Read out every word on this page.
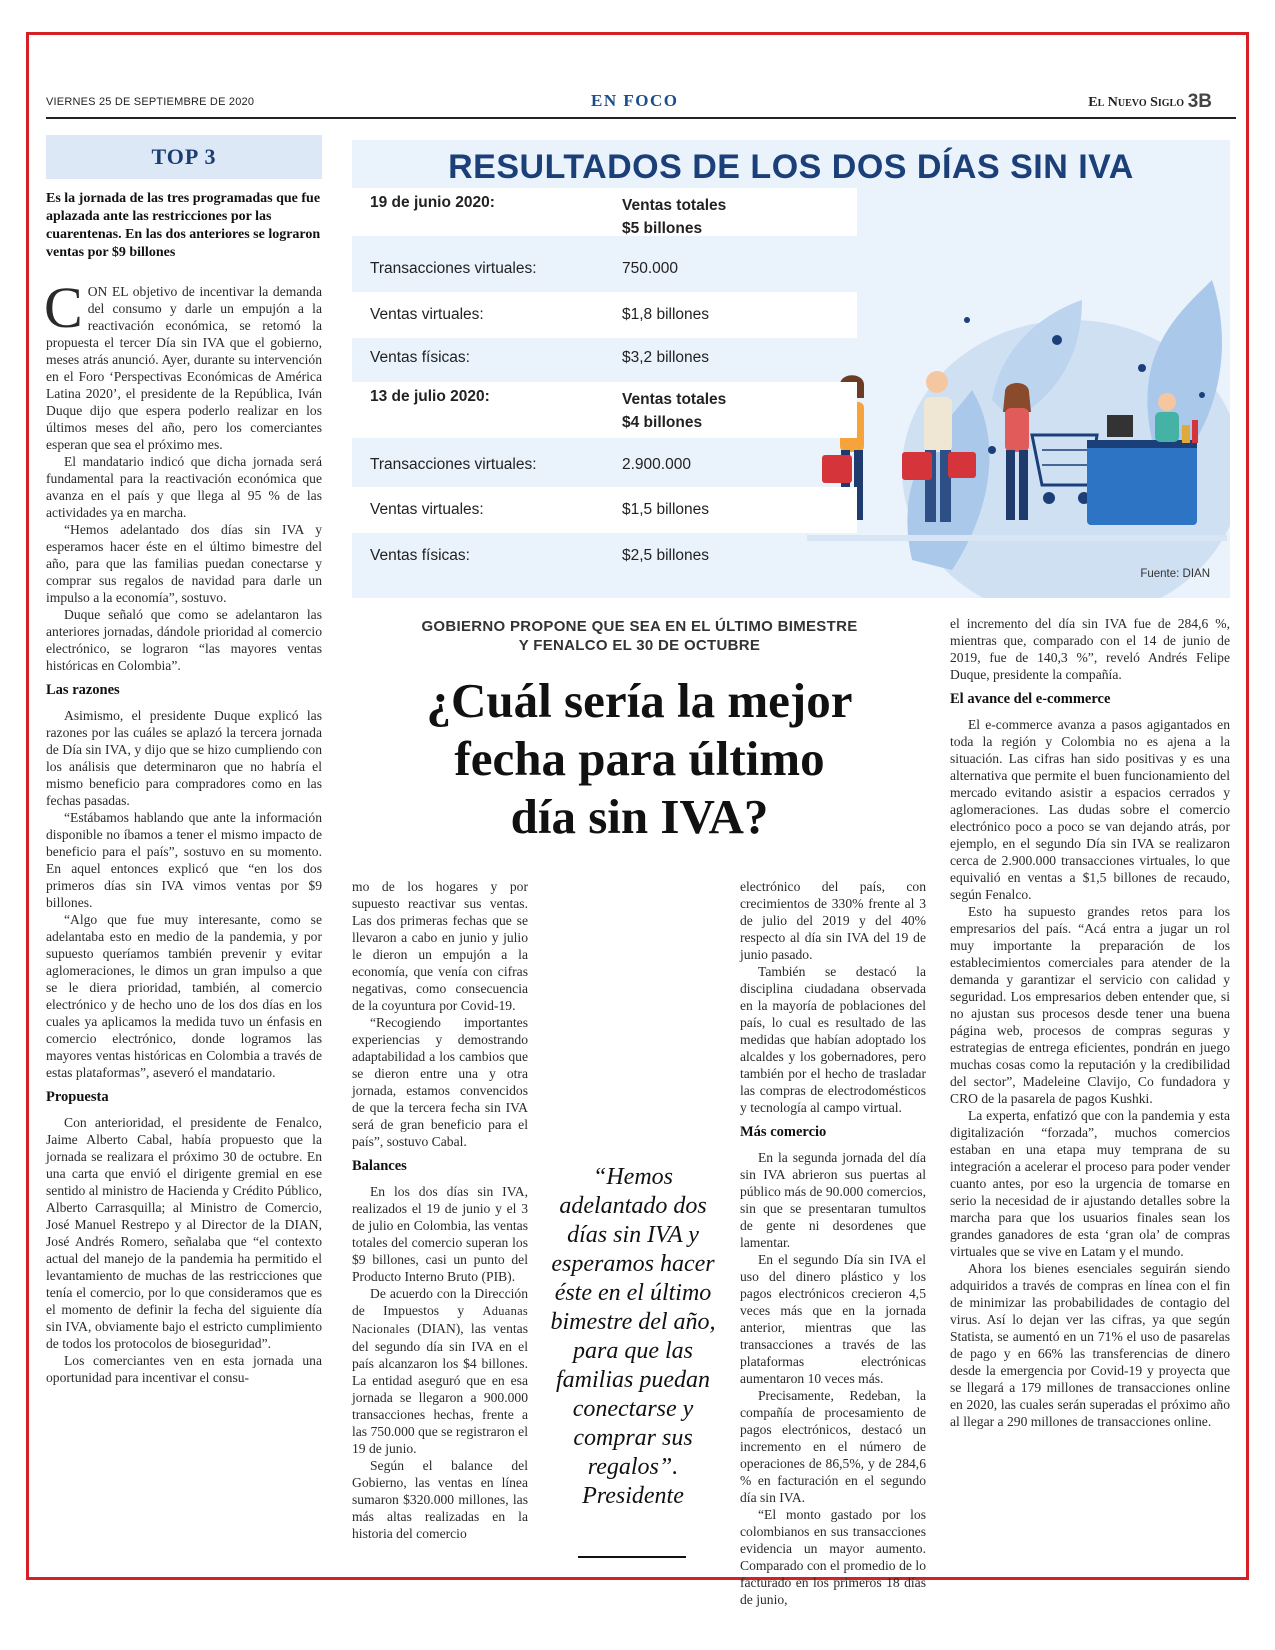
VIERNES 25 DE SEPTIEMBRE DE 2020	EN FOCO	El Nuevo Siglo 3B
TOP 3
Es la jornada de las tres programadas que fue aplazada ante las restricciones por las cuarentenas. En las dos anteriores se lograron ventas por $9 billones

CON EL objetivo de incentivar la demanda del consumo y darle un empujón a la reactivación económica, se retomó la propuesta el tercer Día sin IVA que el gobierno, meses atrás anunció. Ayer, durante su intervención en el Foro ‘Perspectivas Económicas de América Latina 2020’, el presidente de la República, Iván Duque dijo que espera poderlo realizar en los últimos meses del año, pero los comerciantes esperan que sea el próximo mes.

El mandatario indicó que dicha jornada será fundamental para la reactivación económica que avanza en el país y que llega al 95 % de las actividades ya en marcha.

“Hemos adelantado dos días sin IVA y esperamos hacer éste en el último bimestre del año, para que las familias puedan conectarse y comprar sus regalos de navidad para darle un impulso a la economía”, sostuvo.

Duque señaló que como se adelantaron las anteriores jornadas, dándole prioridad al comercio electrónico, se lograron “las mayores ventas históricas en Colombia”.

Las razones

Asimismo, el presidente Duque explicó las razones por las cuáles se aplazó la tercera jornada de Día sin IVA, y dijo que se hizo cumpliendo con los análisis que determinaron que no habría el mismo beneficio para compradores como en las fechas pasadas.

“Estábamos hablando que ante la información disponible no íbamos a tener el mismo impacto de beneficio para el país”, sostuvo en su momento. En aquel entonces explicó que “en los dos primeros días sin IVA vimos ventas por $9 billones.

“Algo que fue muy interesante, como se adelantaba esto en medio de la pandemia, y por supuesto queríamos también prevenir y evitar aglomeraciones, le dimos un gran impulso a que se le diera prioridad, también, al comercio electrónico y de hecho uno de los dos días en los cuales ya aplicamos la medida tuvo un énfasis en comercio electrónico, donde logramos las mayores ventas históricas en Colombia a través de estas plataformas”, aseveró el mandatario.

Propuesta

Con anterioridad, el presidente de Fenalco, Jaime Alberto Cabal, había propuesto que la jornada se realizara el próximo 30 de octubre. En una carta que envió el dirigente gremial en ese sentido al ministro de Hacienda y Crédito Público, Alberto Carrasquilla; al Ministro de Comercio, José Manuel Restrepo y al Director de la DIAN, José Andrés Romero, señalaba que “el contexto actual del manejo de la pandemia ha permitido el levantamiento de muchas de las restricciones que tenía el comercio, por lo que consideramos que es el momento de definir la fecha del siguiente día sin IVA, obviamente bajo el estricto cumplimiento de todos los protocolos de bioseguridad”.

Los comerciantes ven en esta jornada una oportunidad para incentivar el consu-

RESULTADOS DE LOS DOS DÍAS SIN IVA
19 de junio 2020:	Ventas totales
$5 billones
Transacciones virtuales:	750.000
Ventas virtuales:	$1,8 billones
Ventas físicas:	$3,2 billones
13 de julio 2020:	Ventas totales
$4 billones
Transacciones virtuales:	2.900.000
Ventas virtuales:	$1,5 billones
Ventas físicas:	$2,5 billones
Fuente: DIAN
GOBIERNO PROPONE QUE SEA EN EL ÚLTIMO BIMESTRE
Y FENALCO EL 30 DE OCTUBRE
¿Cuál sería la mejor
fecha para último
día sin IVA?

mo de los hogares y por supuesto reactivar sus ventas. Las dos primeras fechas que se llevaron a cabo en junio y julio le dieron un empujón a la economía, que venía con cifras negativas, como consecuencia de la coyuntura por Covid-19.

“Recogiendo importantes experiencias y demostrando adaptabilidad a los cambios que se dieron entre una y otra jornada, estamos convencidos de que la tercera fecha sin IVA será de gran beneficio para el país”, sostuvo Cabal.

Balances

En los dos días sin IVA, realizados el 19 de junio y el 3 de julio en Colombia, las ventas totales del comercio superan los $9 billones, casi un punto del Producto Interno Bruto (PIB).

De acuerdo con la Dirección de Impuestos y Aduanas Nacionales (DIAN), las ventas del segundo día sin IVA en el país alcanzaron los $4 billones. La entidad aseguró que en esa jornada se llegaron a 900.000 transacciones hechas, frente a las 750.000 que se registraron el 19 de junio.

Según el balance del Gobierno, las ventas en línea sumaron $320.000 millones, las más altas realizadas en la historia del comercio

“Hemos adelantado dos días sin IVA y esperamos hacer éste en el último bimestre del año, para que las familias puedan conectarse y comprar sus regalos”. Presidente

electrónico del país, con crecimientos de 330% frente al 3 de julio del 2019 y del 40% respecto al día sin IVA del 19 de junio pasado.

También se destacó la disciplina ciudadana observada en la mayoría de poblaciones del país, lo cual es resultado de las medidas que habían adoptado los alcaldes y los gobernadores, pero también por el hecho de trasladar las compras de electrodomésticos y tecnología al campo virtual.

Más comercio

En la segunda jornada del día sin IVA abrieron sus puertas al público más de 90.000 comercios, sin que se presentaran tumultos de gente ni desordenes que lamentar.

En el segundo Día sin IVA el uso del dinero plástico y los pagos electrónicos crecieron 4,5 veces más que en la jornada anterior, mientras que las transacciones a través de las plataformas electrónicas aumentaron 10 veces más.

Precisamente, Redeban, la compañía de procesamiento de pagos electrónicos, destacó un incremento en el número de operaciones de 86,5%, y de 284,6 % en facturación en el segundo día sin IVA.

“El monto gastado por los colombianos en sus transacciones evidencia un mayor aumento. Comparado con el promedio de lo facturado en los primeros 18 días de junio,

el incremento del día sin IVA fue de 284,6 %, mientras que, comparado con el 14 de junio de 2019, fue de 140,3 %”, reveló Andrés Felipe Duque, presidente la compañía.

El avance del e-commerce

El e-commerce avanza a pasos agigantados en toda la región y Colombia no es ajena a la situación. Las cifras han sido positivas y es una alternativa que permite el buen funcionamiento del mercado evitando asistir a espacios cerrados y aglomeraciones. Las dudas sobre el comercio electrónico poco a poco se van dejando atrás, por ejemplo, en el segundo Día sin IVA se realizaron cerca de 2.900.000 transacciones virtuales, lo que equivalió en ventas a $1,5 billones de recaudo, según Fenalco.

Esto ha supuesto grandes retos para los empresarios del país. “Acá entra a jugar un rol muy importante la preparación de los establecimientos comerciales para atender de la demanda y garantizar el servicio con calidad y seguridad. Los empresarios deben entender que, si no ajustan sus procesos desde tener una buena página web, procesos de compras seguras y estrategias de entrega eficientes, pondrán en juego muchas cosas como la reputación y la credibilidad del sector”, Madeleine Clavijo, Co fundadora y CRO de la pasarela de pagos Kushki.

La experta, enfatizó que con la pandemia y esta digitalización “forzada”, muchos comercios estaban en una etapa muy temprana de su integración a acelerar el proceso para poder vender cuanto antes, por eso la urgencia de tomarse en serio la necesidad de ir ajustando detalles sobre la marcha para que los usuarios finales sean los grandes ganadores de esta ‘gran ola’ de compras virtuales que se vive en Latam y el mundo.

Ahora los bienes esenciales seguirán siendo adquiridos a través de compras en línea con el fin de minimizar las probabilidades de contagio del virus. Así lo dejan ver las cifras, ya que según Statista, se aumentó en un 71% el uso de pasarelas de pago y en 66% las transferencias de dinero desde la emergencia por Covid-19 y proyecta que se llegará a 179 millones de transacciones online en 2020, las cuales serán superadas el próximo año al llegar a 290 millones de transacciones online.
